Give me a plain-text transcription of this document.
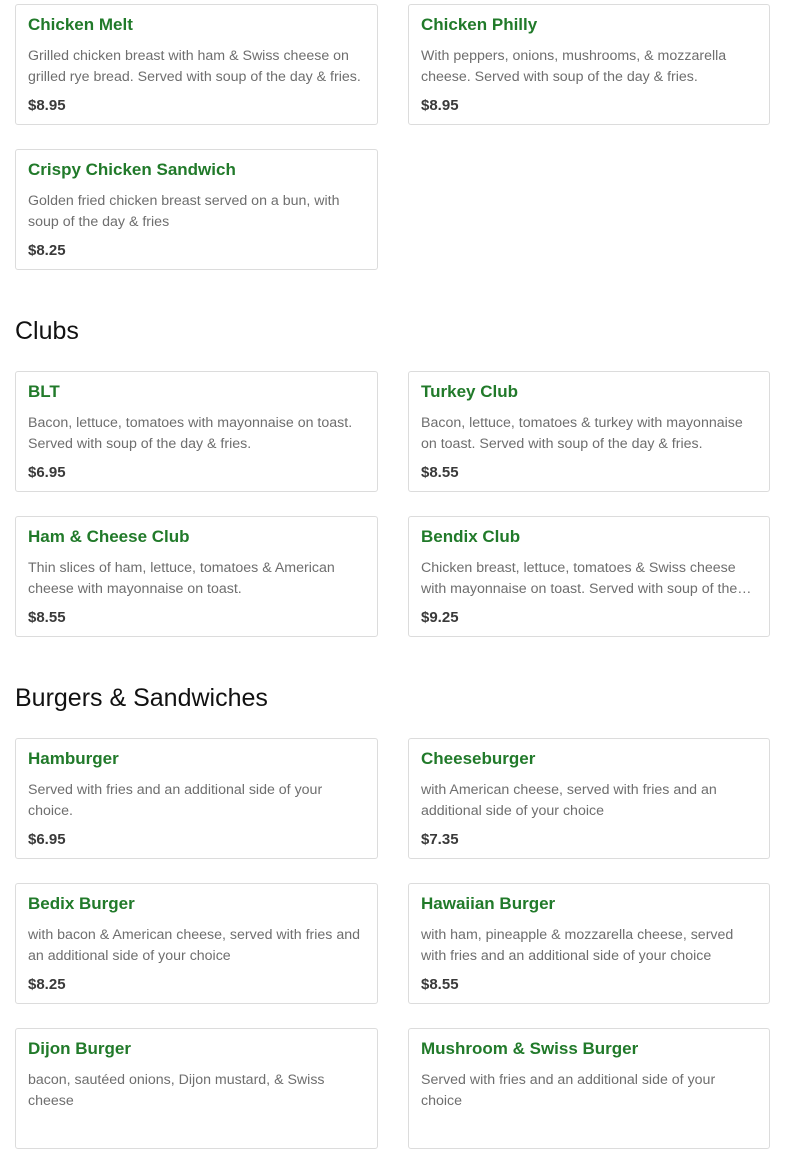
Chicken Melt
Grilled chicken breast with ham & Swiss cheese on grilled rye bread. Served with soup of the day & fries.
$8.95
Chicken Philly
With peppers, onions, mushrooms, & mozzarella cheese. Served with soup of the day & fries.
$8.95
Crispy Chicken Sandwich
Golden fried chicken breast served on a bun, with soup of the day & fries
$8.25
Clubs
BLT
Bacon, lettuce, tomatoes with mayonnaise on toast. Served with soup of the day & fries.
$6.95
Turkey Club
Bacon, lettuce, tomatoes & turkey with mayonnaise on toast. Served with soup of the day & fries.
$8.55
Ham & Cheese Club
Thin slices of ham, lettuce, tomatoes & American cheese with mayonnaise on toast.
$8.55
Bendix Club
Chicken breast, lettuce, tomatoes & Swiss cheese with mayonnaise on toast. Served with soup of the
$9.25
Burgers & Sandwiches
Hamburger
Served with fries and an additional side of your choice.
$6.95
Cheeseburger
with American cheese, served with fries and an additional side of your choice
$7.35
Bedix Burger
with bacon & American cheese, served with fries and an additional side of your choice
$8.25
Hawaiian Burger
with ham, pineapple & mozzarella cheese, served with fries and an additional side of your choice
$8.55
Dijon Burger
bacon, sautéed onions, Dijon mustard, & Swiss cheese
Mushroom & Swiss Burger
Served with fries and an additional side of your choice
